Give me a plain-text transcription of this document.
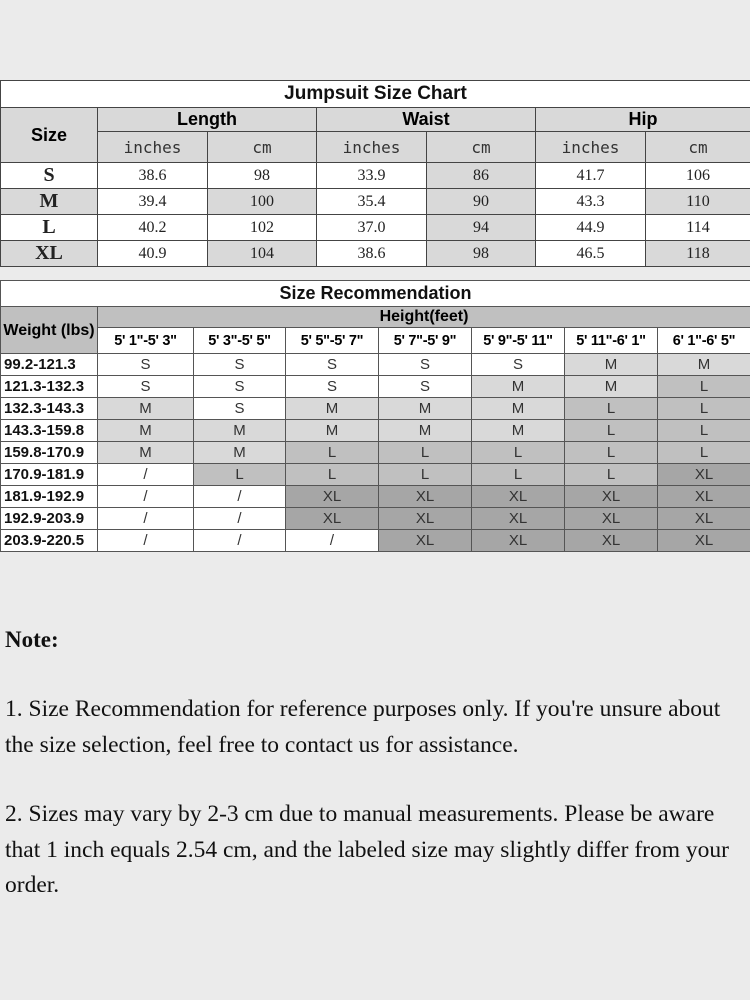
Jumpsuit Size Chart						
Size	Length		Waist		Hip	
	inches	cm	inches	cm	inches	cm
S	38.6	98	33.9	86	41.7	106
M	39.4	100	35.4	90	43.3	110
L	40.2	102	37.0	94	44.9	114
XL	40.9	104	38.6	98	46.5	118
Size Recommendation							
Weight (lbs)	Height(feet)						
	5' 1"-5' 3"	5' 3"-5' 5"	5' 5"-5' 7"	5' 7"-5' 9"	5' 9"-5' 11"	5' 11"-6' 1"	6' 1"-6' 5"
99.2-121.3	S	S	S	S	S	M	M
121.3-132.3	S	S	S	S	M	M	L
132.3-143.3	M	S	M	M	M	L	L
143.3-159.8	M	M	M	M	M	L	L
159.8-170.9	M	M	L	L	L	L	L
170.9-181.9	/	L	L	L	L	L	XL
181.9-192.9	/	/	XL	XL	XL	XL	XL
192.9-203.9	/	/	XL	XL	XL	XL	XL
203.9-220.5	/	/	/	XL	XL	XL	XL
Note:

1. Size Recommendation for reference purposes only. If you're unsure about the size selection, feel free to contact us for assistance.

2. Sizes may vary by 2-3 cm due to manual measurements. Please be aware that 1 inch equals 2.54 cm, and the labeled size may slightly differ from your order.
